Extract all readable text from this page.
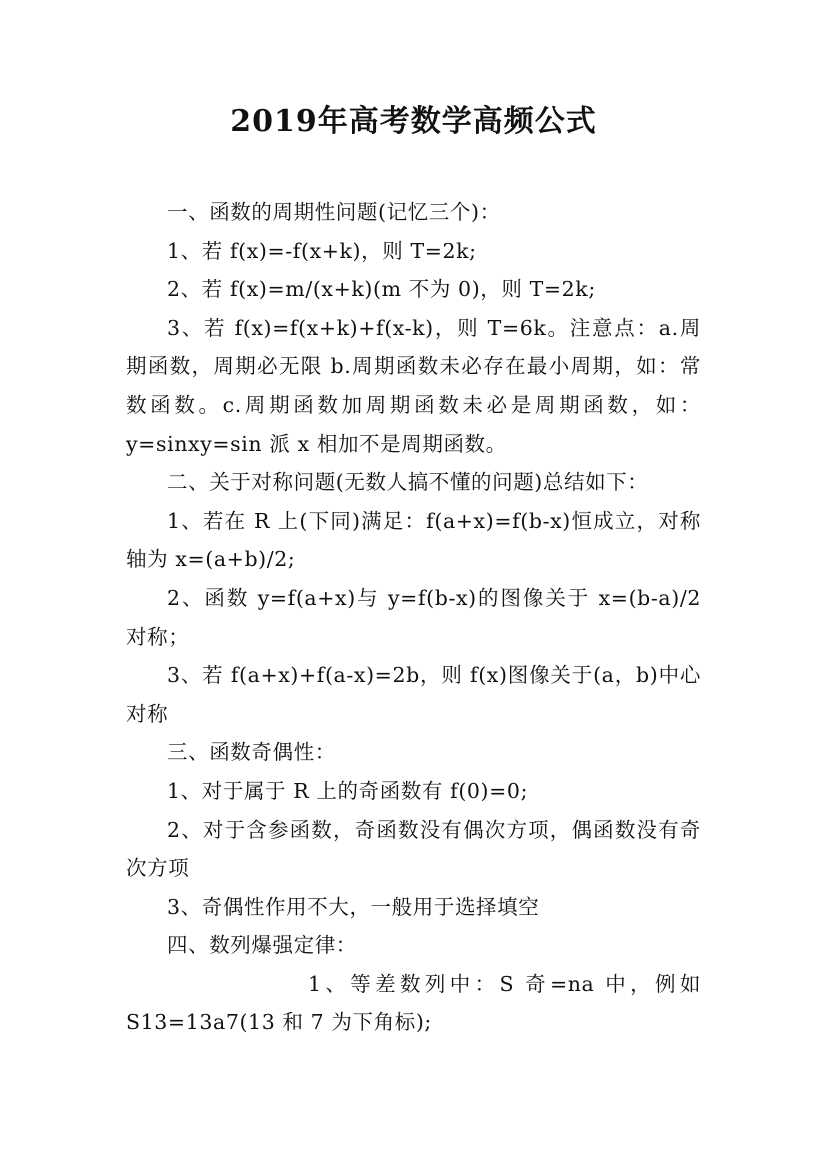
2019年高考数学高频公式

一、函数的周期性问题(记忆三个)：

1、若 f(x)=-f(x+k)，则 T=2k;

2、若 f(x)=m/(x+k)(m 不为 0)，则 T=2k;

3、若 f(x)=f(x+k)+f(x-k)，则 T=6k。注意点：a.周期函数，周期必无限 b.周期函数未必存在最小周期，如：常数函数。c.周期函数加周期函数未必是周期函数，如：y=sinxy=sin 派 x 相加不是周期函数。

二、关于对称问题(无数人搞不懂的问题)总结如下：

1、若在 R 上(下同)满足：f(a+x)=f(b-x)恒成立，对称轴为 x=(a+b)/2;

2、函数 y=f(a+x)与 y=f(b-x)的图像关于 x=(b-a)/2 对称；

3、若 f(a+x)+f(a-x)=2b，则 f(x)图像关于(a，b)中心对称

三、函数奇偶性：

1、对于属于 R 上的奇函数有 f(0)=0;

2、对于含参函数，奇函数没有偶次方项，偶函数没有奇次方项

3、奇偶性作用不大，一般用于选择填空

四、数列爆强定律：

1、等差数列中：S 奇=na 中，例如 S13=13a7(13 和 7 为下角标);
